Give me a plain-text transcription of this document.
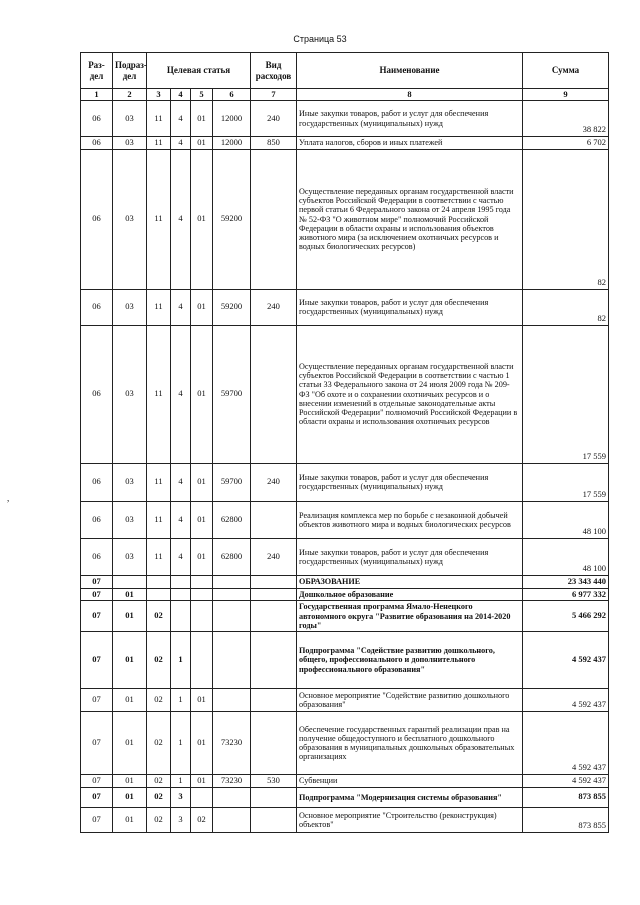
Страница 53
,
Раз-дел	Подраз-дел	Целевая статья				Вид расходов	Наименование	Сумма
1	2	3	4	5	6	7	8	9
06	03	11	4	01	12000	240	Иные закупки товаров, работ и услуг для обеспечения государственных (муниципальных) нужд	38 822
06	03	11	4	01	12000	850	Уплата налогов, сборов и иных платежей	6 702
06	03	11	4	01	59200		Осуществление переданных органам государственной власти субъектов Российской Федерации в соответствии с частью первой статьи 6 Федерального закона от 24 апреля 1995 года № 52-ФЗ "О животном мире" полномочий Российской Федерации в области охраны и использования объектов животного мира (за исключением охотничьих ресурсов и водных биологических ресурсов)	82
06	03	11	4	01	59200	240	Иные закупки товаров, работ и услуг для обеспечения государственных (муниципальных) нужд	82
06	03	11	4	01	59700		Осуществление переданных органам государственной власти субъектов Российской Федерации в соответствии с частью 1 статьи 33 Федерального закона от 24 июля 2009 года № 209-ФЗ "Об охоте и о сохранении охотничьих ресурсов и о внесении изменений в отдельные законодательные акты Российской Федерации" полномочий Российской Федерации в области охраны и использования охотничьих ресурсов	17 559
06	03	11	4	01	59700	240	Иные закупки товаров, работ и услуг для обеспечения государственных (муниципальных) нужд	17 559
06	03	11	4	01	62800		Реализация комплекса мер по борьбе с незаконной добычей объектов животного мира и водных биологических ресурсов	48 100
06	03	11	4	01	62800	240	Иные закупки товаров, работ и услуг для обеспечения государственных (муниципальных) нужд	48 100
07							ОБРАЗОВАНИЕ	23 343 440
07	01						Дошкольное образование	6 977 332
07	01	02					Государственная программа Ямало-Ненецкого автономного округа "Развитие образования на 2014-2020 годы"	5 466 292
07	01	02	1				Подпрограмма "Содействие развитию дошкольного, общего, профессионального и дополнительного профессионального образования"	4 592 437
07	01	02	1	01			Основное мероприятие "Содействие развитию дошкольного образования"	4 592 437
07	01	02	1	01	73230		Обеспечение государственных гарантий реализации прав на получение общедоступного и бесплатного дошкольного образования в муниципальных дошкольных образовательных организациях	4 592 437
07	01	02	1	01	73230	530	Субвенции	4 592 437
07	01	02	3				Подпрограмма "Модернизация системы образования"	873 855
07	01	02	3	02			Основное мероприятие "Строительство (реконструкция) объектов"	873 855
